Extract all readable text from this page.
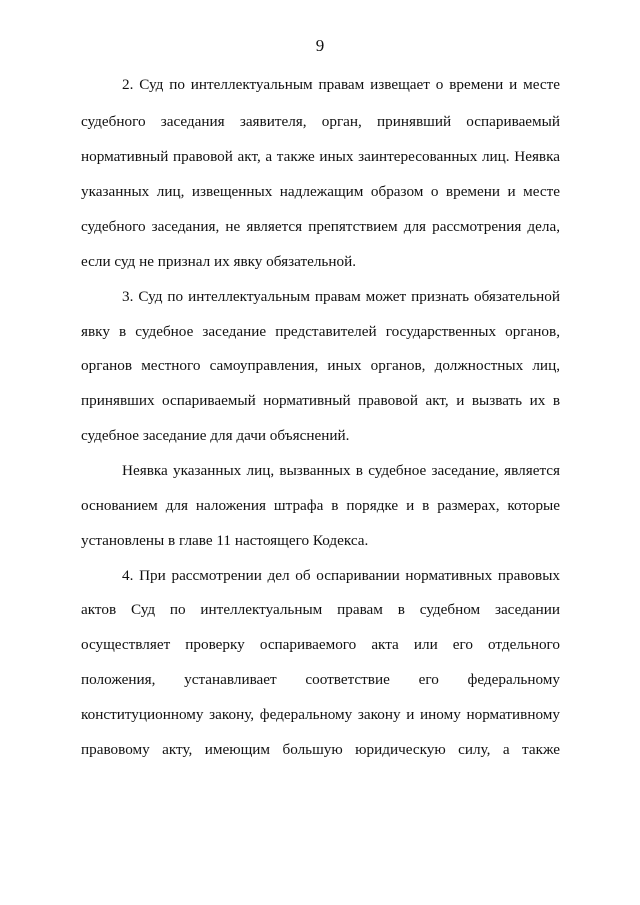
9
2. Суд по интеллектуальным правам извещает о времени и месте
судебного заседания заявителя, орган, принявший оспариваемый
нормативный правовой акт, а также иных заинтересованных лиц. Неявка
указанных лиц, извещенных надлежащим образом о времени и месте
судебного заседания, не является препятствием для рассмотрения дела,
если суд не признал их явку обязательной.
3. Суд по интеллектуальным правам может признать обязательной
явку в судебное заседание представителей государственных органов,
органов местного самоуправления, иных органов, должностных лиц,
принявших оспариваемый нормативный правовой акт, и вызвать их в
судебное заседание для дачи объяснений.
Неявка указанных лиц, вызванных в судебное заседание, является
основанием для наложения штрафа в порядке и в размерах, которые
установлены в главе 11 настоящего Кодекса.
4. При рассмотрении дел об оспаривании нормативных правовых
актов Суд по интеллектуальным правам в судебном заседании
осуществляет проверку оспариваемого акта или его отдельного
положения, устанавливает соответствие его федеральному
конституционному закону, федеральному закону и иному нормативному
правовому акту, имеющим большую юридическую силу, а также
